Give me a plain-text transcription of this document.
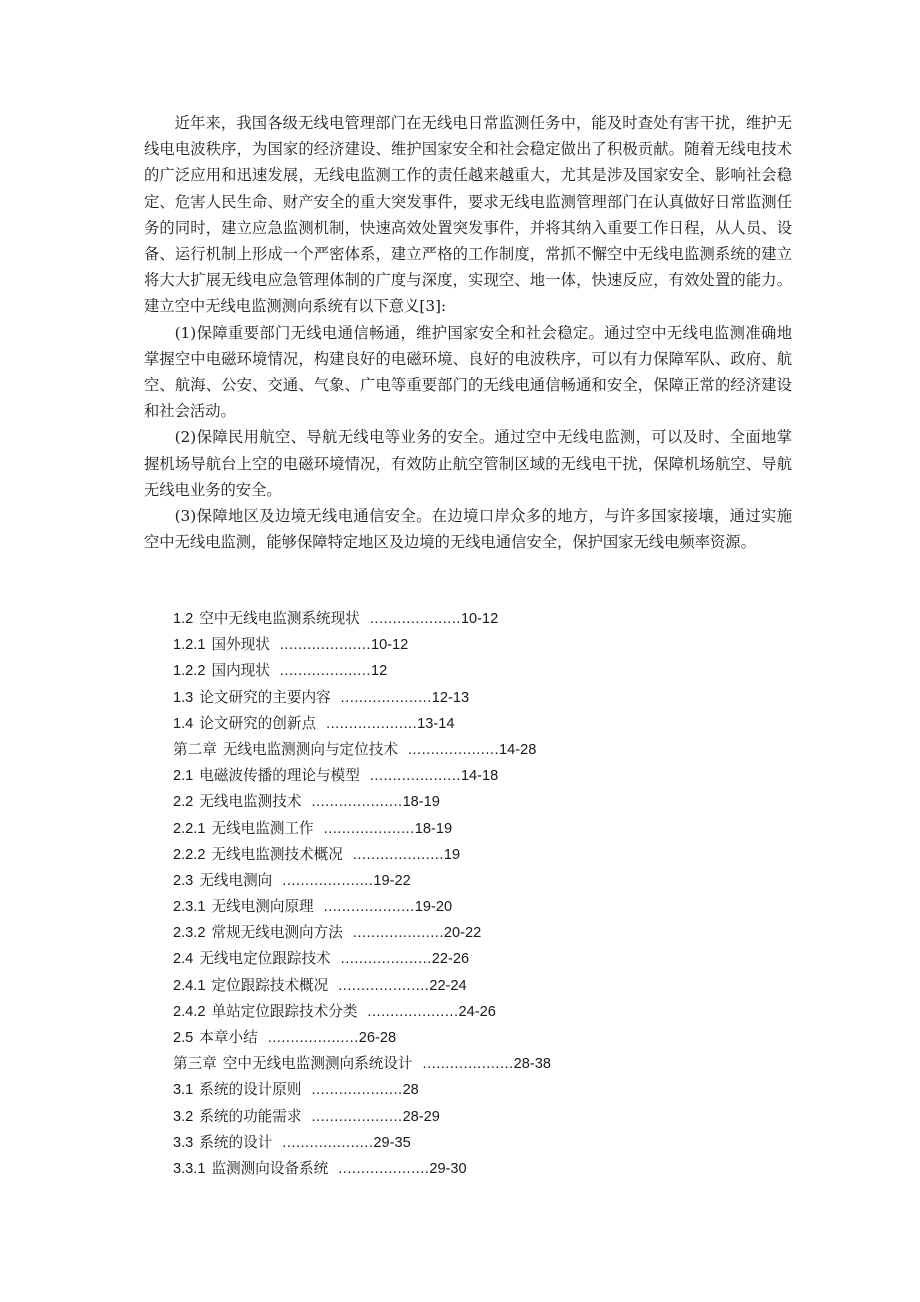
近年来，我国各级无线电管理部门在无线电日常监测任务中，能及时查处有害干扰，维护无线电电波秩序，为国家的经济建设、维护国家安全和社会稳定做出了积极贡献。随着无线电技术的广泛应用和迅速发展，无线电监测工作的责任越来越重大，尤其是涉及国家安全、影响社会稳定、危害人民生命、财产安全的重大突发事件，要求无线电监测管理部门在认真做好日常监测任务的同时，建立应急监测机制，快速高效处置突发事件，并将其纳入重要工作日程，从人员、设备、运行机制上形成一个严密体系，建立严格的工作制度，常抓不懈空中无线电监测系统的建立将大大扩展无线电应急管理体制的广度与深度，实现空、地一体，快速反应，有效处置的能力。建立空中无线电监测测向系统有以下意义[3]:

(1)保障重要部门无线电通信畅通，维护国家安全和社会稳定。通过空中无线电监测准确地掌握空中电磁环境情况，构建良好的电磁环境、良好的电波秩序，可以有力保障军队、政府、航空、航海、公安、交通、气象、广电等重要部门的无线电通信畅通和安全，保障正常的经济建设和社会活动。

(2)保障民用航空、导航无线电等业务的安全。通过空中无线电监测，可以及时、全面地掌握机场导航台上空的电磁环境情况，有效防止航空管制区域的无线电干扰，保障机场航空、导航无线电业务的安全。

(3)保障地区及边境无线电通信安全。在边境口岸众多的地方，与许多国家接壤，通过实施空中无线电监测，能够保障特定地区及边境的无线电通信安全，保护国家无线电频率资源。

1.2 空中无线电监测系统现状 ....................10-12
1.2.1 国外现状 ....................10-12
1.2.2 国内现状 ....................12
1.3 论文研究的主要内容 ....................12-13
1.4 论文研究的创新点 ....................13-14
第二章 无线电监测测向与定位技术 ....................14-28
2.1 电磁波传播的理论与模型 ....................14-18
2.2 无线电监测技术 ....................18-19
2.2.1 无线电监测工作 ....................18-19
2.2.2 无线电监测技术概况 ....................19
2.3 无线电测向 ....................19-22
2.3.1 无线电测向原理 ....................19-20
2.3.2 常规无线电测向方法 ....................20-22
2.4 无线电定位跟踪技术 ....................22-26
2.4.1 定位跟踪技术概况 ....................22-24
2.4.2 单站定位跟踪技术分类 ....................24-26
2.5 本章小结 ....................26-28
第三章 空中无线电监测测向系统设计 ....................28-38
3.1 系统的设计原则 ....................28
3.2 系统的功能需求 ....................28-29
3.3 系统的设计 ....................29-35
3.3.1 监测测向设备系统 ....................29-30
